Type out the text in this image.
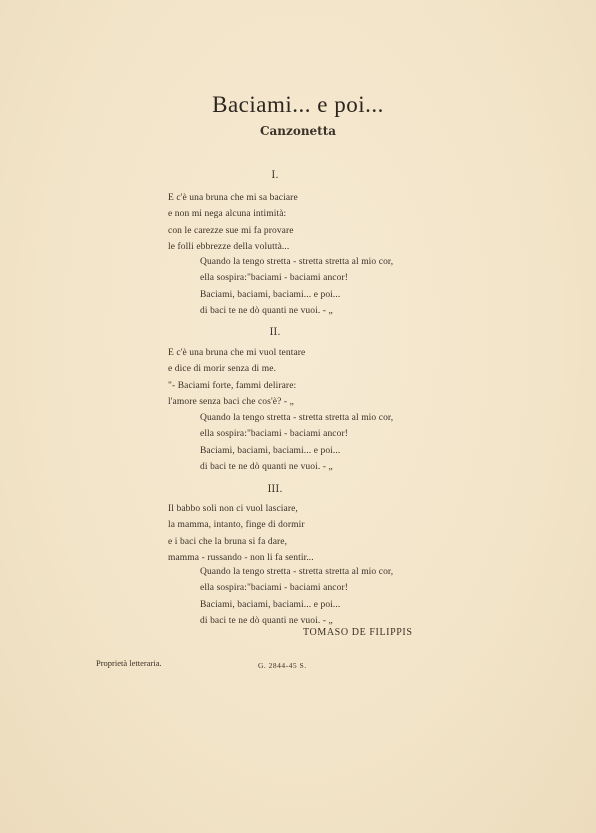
Baciami... e poi...
Canzonetta
I.
E c'è una bruna che mi sa baciare
e non mi nega alcuna intimità:
con le carezze sue mi fa provare
le folli ebbrezze della voluttà...
Quando la tengo stretta - stretta stretta al mio cor,
ella sospira:"baciami - baciami ancor!
Baciami, baciami, baciami... e poi...
di baci te ne dò quanti ne vuoi. - „
II.
E c'è una bruna che mi vuol tentare
e dice di morir senza di me.
"- Baciami forte, fammi delirare:
l'amore senza baci che cos'è? - „
Quando la tengo stretta - stretta stretta al mio cor,
ella sospira:"baciami - baciami ancor!
Baciami, baciami, baciami... e poi...
di baci te ne dò quanti ne vuoi. - „
III.
Il babbo soli non ci vuol lasciare,
la mamma, intanto, finge di dormir
e i baci che la bruna si fa dare,
mamma - russando - non li fa sentir...
Quando la tengo stretta - stretta stretta al mio cor,
ella sospira:"baciami - baciami ancor!
Baciami, baciami, baciami... e poi...
di baci te ne dò quanti ne vuoi. - „
TOMASO DE FILIPPIS
Proprietà letteraria.	G. 2844-45 S.
